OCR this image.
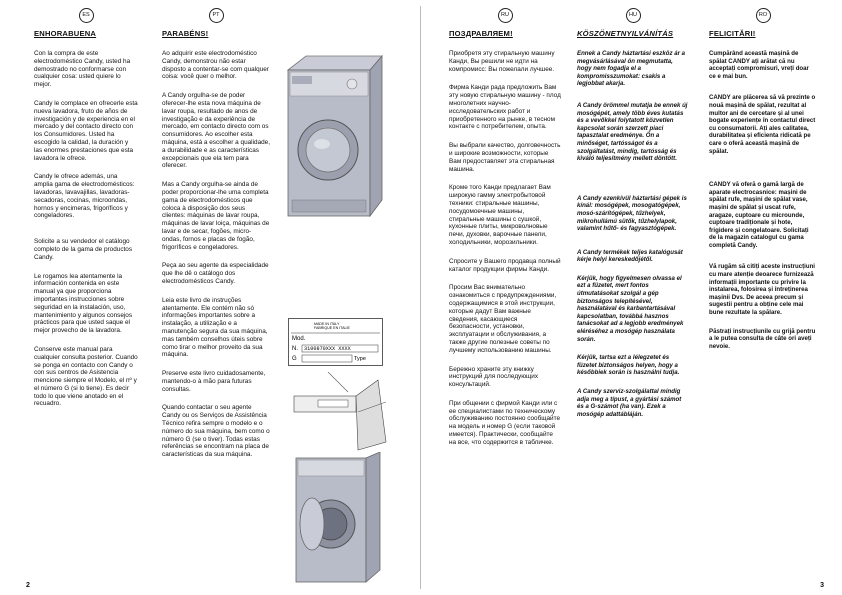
ES
ENHORABUENA
Con la compra de este electrodoméstico Candy, usted ha demostrado no conformarse con cualquier cosa: usted quiere lo mejor.
Candy le complace en ofrecerle esta nueva lavadora, fruto de años de investigación y de experiencia en el mercado y del contacto directo con los Consumidores. Usted ha escogido la calidad, la duración y las enormes prestaciones que esta lavadora le ofrece.
Candy le ofrece además, una amplia gama de electrodomésticos: lavadoras, lavavajillas, lavadoras-secadoras, cocinas, microondas, hornos y encimeras, frigoríficos y congeladores.
Solicite a su vendedor el catálogo completo de la gama de productos Candy.
Le rogamos lea atentamente la información contenida en este manual ya que proporciona importantes instrucciones sobre seguridad en la instalación, uso, mantenimiento y algunos consejos prácticos para que usted saque el mejor provecho de la lavadora.
Conserve este manual para cualquier consulta posterior. Cuando se ponga en contacto con Candy o con sus centros de Asistencia mencione siempre el Modelo, el nº y el número G (si lo tiene). Es decir todo lo que viene anotado en el recuadro.
PT
PARABÉNS!
Ao adquirir este electrodoméstico Candy, demonstrou não estar disposto a contentar-se com qualquer coisa: você quer o melhor.
A Candy orgulha-se de poder oferecer-lhe esta nova máquina de lavar roupa, resultado de anos de investigação e da experiência de mercado, em contacto directo com os consumidores. Ao escolher esta máquina, está a escolher a qualidade, a durabilidade e as características excepcionais que ela tem para oferecer.
Mas a Candy orgulha-se ainda de poder proporcionar-lhe uma completa gama de electrodomésticos que coloca à disposição dos seus clientes: máquinas de lavar roupa, máquinas de lavar loiça, máquinas de lavar e de secar, fogões, micro-ondas, fornos e placas de fogão, frigoríficos e congeladores.
Peça ao seu agente da especialidade que lhe dê o catálogo dos electrodomésticos Candy.
Leia este livro de instruções atentamente. Ele contém não só informações importantes sobre a instalação, a utilização e a manutenção segura da sua máquina, mas também conselhos úteis sobre como tirar o melhor proveito da sua máquina.
Preserve este livro cuidadosamente, mantendo-o à mão para futuras consultas.
Quando contactar o seu agente Candy ou os Serviços de Assistência Técnico refira sempre o modelo e o número do sua máquina, bem como o número G (se o tiver). Todas estas referências se encontram na placa de características da sua máquina.
MADE IN ITALY
FABRIQUE EN ITALIE
Mod.
N. 3100870XXX XXXX
G	Type
2
RU
ПОЗДРАВЛЯЕМ!
Приобретя эту стиральную машину Канди, Вы решили не идти на компромисс: Вы пожелали лучшее.
Фирма Канди рада предложить Вам эту новую стиральную машину - плод многолетних научно-исследовательских работ и приобретенного на рынке, в тесном контакте с потребителем, опыта.
Вы выбрали качество, долговечность и широкие возможности, которые Вам предоставляет эта стиральная машина.
Кроме того Канди предлагает Вам широкую гамму электробытовой техники: стиральные машины, посудомоечные машины, стиральные машины с сушкой, кухонные плиты, микроволновые печи, духовки, варочные панели, холодильники, морозильники.
Спросите у Вашего продавца полный каталог продукции фирмы Канди.
Просим Вас внимательно ознакомиться с предупреждениями, содержащимися в этой инструкции, которые дадут Вам важные сведения, касающиеся безопасности, установки, эксплуатации и обслуживания, а также другие полезные советы по лучшему использованию машины.
Бережно храните эту книжку инструкций для последующих консультаций.
При общении с фирмой Канди или с ее специалистами по техническому обслуживанию постоянно сообщайте на модель и номер G (если таковой имеется). Практически, сообщайте на все, что содержится в табличке.
HU
KÖSZÖNETNYILVÁNÍTÁS
Ennek a Candy háztartási eszköz ár a megvásárlásával ön megmutatta, hogy nem fogadja el a kompromisszumokat: csakis a legjobbat akarja.
A Candy örömmel mutatja be ennek új mosógépét, amely több éves kutatás és a vevőkkel folytatott közvetlen kapcsolat során szerzett piaci tapasztalat eredménye. Ön a minőséget, tartósságot és a szolgáltatást, mindig, tartósság és kiváló teljesítmény mellett döntött.
A Candy ezenkívül háztartási gépek is kínál: mosógépek, mosogatógépek, mosó-szárítógépek, tűzhelyek, mikrohullámú sütők, tűzhelylapok, valamint hűtő- és fagyasztógépek.
A Candy termékek teljes katalógusát kérje helyi kereskedőjétől.
Kérjük, hogy figyelmesen olvassa el ezt a füzetet, mert fontos útmutatásokat szolgál a gép biztonságos telepítésével, használatával és karbantartásával kapcsolatban, továbbá hasznos tanácsokat ad a legjobb eredmények eléréséhez a mosógép használata során.
Kérjük, tartsa ezt a lélegzetet és füzetet biztonságos helyen, hogy a későbbiek során is használni tudja.
A Candy szerviz-szolgálattal mindig adja meg a típust, a gyártási számot és a G-számot (ha van). Ezek a mosógép adattábláján.
RO
FELICITĂRI!
Cumpărând această mașină de spălat CANDY ați arătat că nu acceptați compromisuri, vreți doar ce e mai bun.
CANDY are plăcerea să vă prezinte o nouă mașină de spălat, rezultat al multor ani de cercetare și al unei bogate experiențe în contactul direct cu consumatorii. Ați ales calitatea, durabilitatea și eficienta ridicată pe care o oferă această mașină de spălat.
CANDY vă oferă o gamă largă de aparate electrocasnice: mașini de spălat rufe, mașini de spălat vase, mașini de spălat și uscat rufe, aragaze, cuptoare cu microunde, cuptoare tradiționale și hote, frigidere și congelatoare. Solicitați de la magazin catalogul cu gama completă Candy.
Vă rugăm să citiți aceste instrucțiuni cu mare atenție deoarece furnizează informații importante cu privire la instalarea, folosirea și întreținerea mașinii Dvs. De aceea precum și sugestii pentru a obține cele mai bune rezultate la spălare.
Păstrați instrucțiunile cu grijă pentru a le putea consulta de câte ori aveți nevoie.
3
